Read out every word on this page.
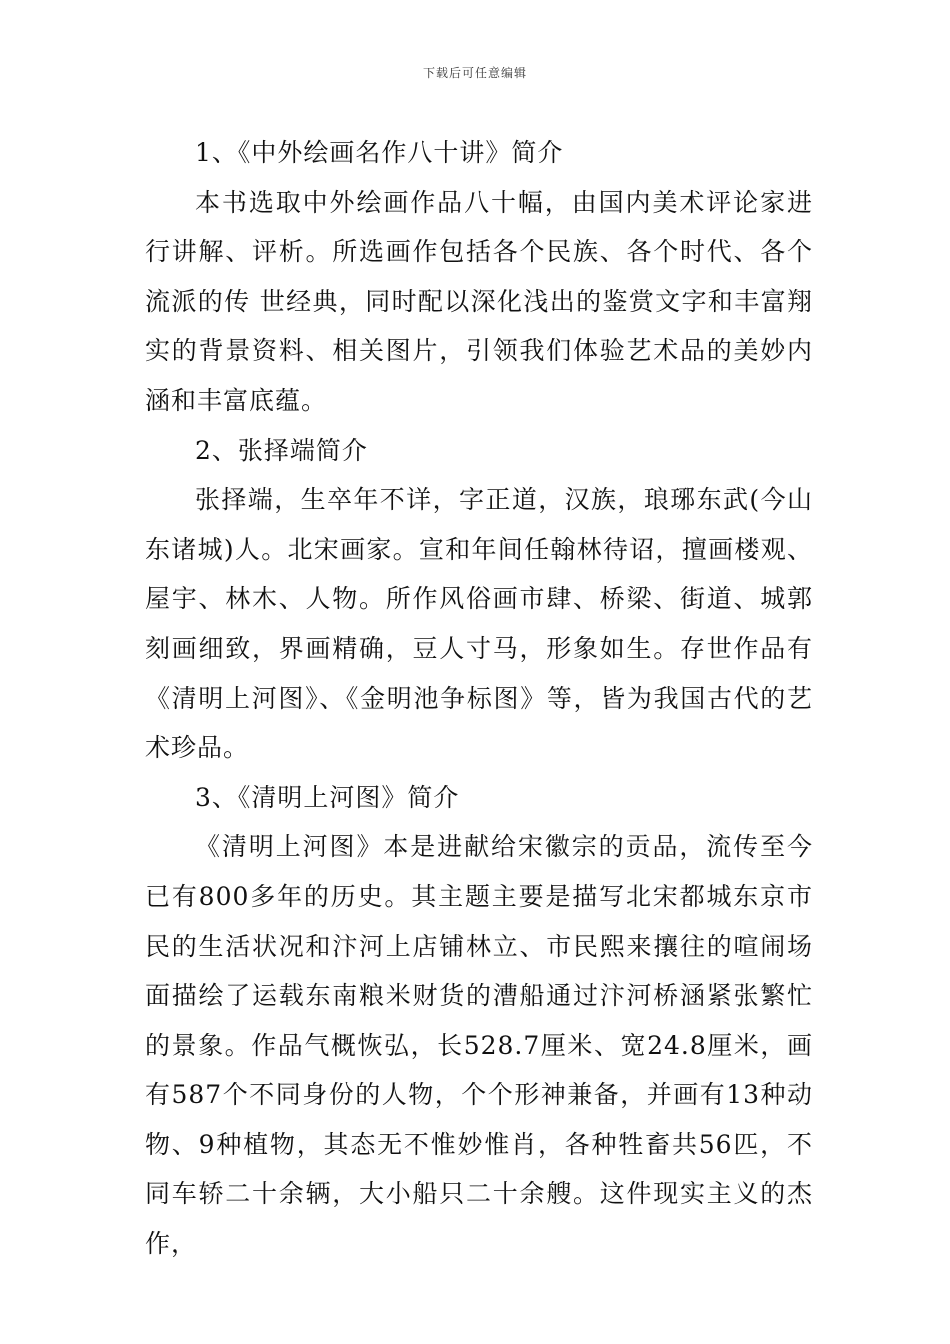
下载后可任意编辑

1、《中外绘画名作八十讲》简介

本书选取中外绘画作品八十幅，由国内美术评论家进行讲解、评析。所选画作包括各个民族、各个时代、各个流派的传 世经典，同时配以深化浅出的鉴赏文字和丰富翔实的背景资料、相关图片，引领我们体验艺术品的美妙内涵和丰富底蕴。

2、张择端简介

张择端，生卒年不详，字正道，汉族，琅琊东武(今山东诸城)人。北宋画家。宣和年间任翰林待诏，擅画楼观、屋宇、林木、人物。所作风俗画市肆、桥梁、街道、城郭刻画细致，界画精确，豆人寸马，形象如生。存世作品有《清明上河图》、《金明池争标图》等，皆为我国古代的艺术珍品。

3、《清明上河图》简介

《清明上河图》本是进献给宋徽宗的贡品，流传至今已有800多年的历史。其主题主要是描写北宋都城东京市民的生活状况和汴河上店铺林立、市民熙来攘往的喧闹场面描绘了运载东南粮米财货的漕船通过汴河桥涵紧张繁忙的景象。作品气概恢弘，长528.7厘米、宽24.8厘米，画有587个不同身份的人物，个个形神兼备，并画有13种动物、9种植物，其态无不惟妙惟肖，各种牲畜共56匹，不同车轿二十余辆，大小船只二十余艘。这件现实主义的杰作，
